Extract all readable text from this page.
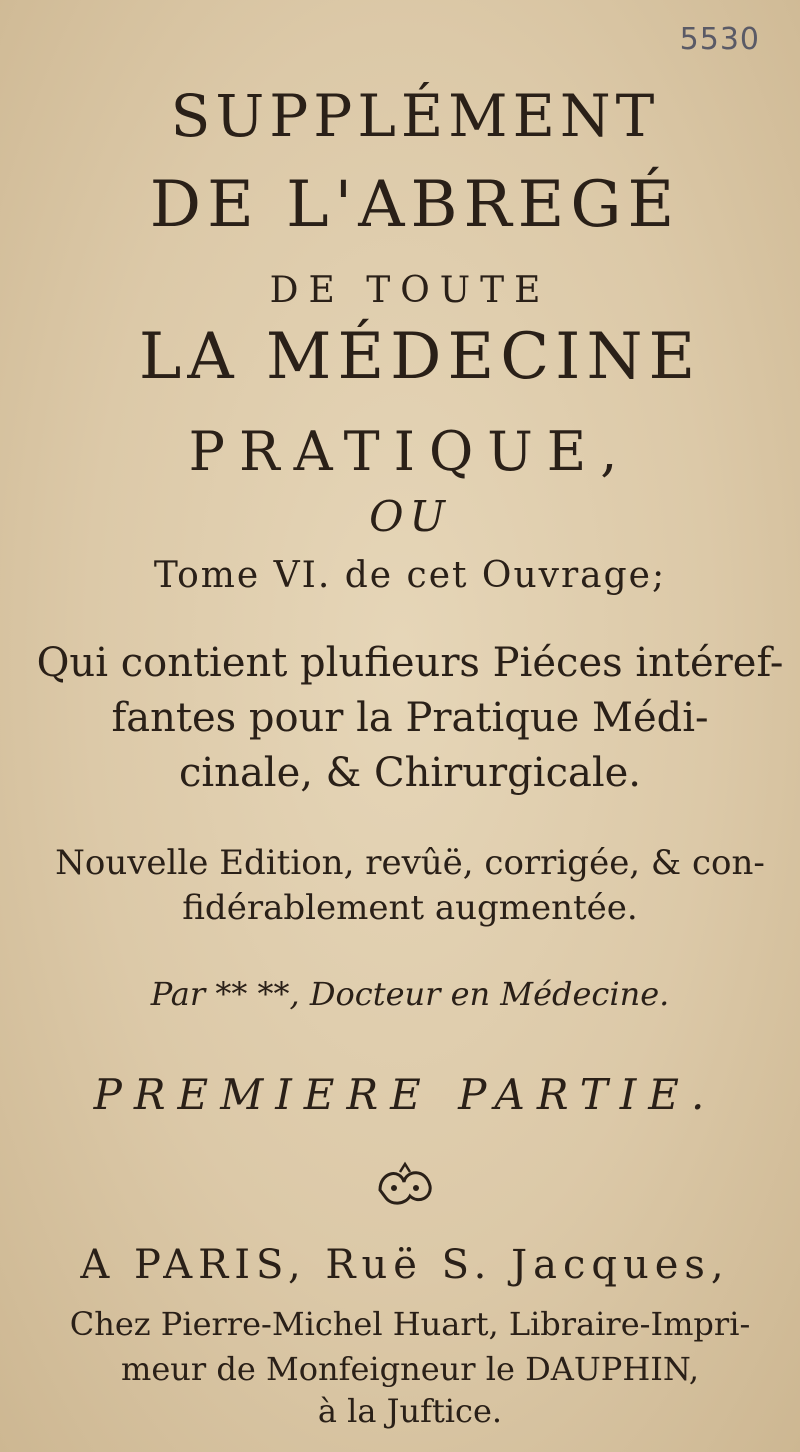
5530
SUPPLÉMENT
DE L'ABREGÉ
DE TOUTE
LA MÉDECINE
PRATIQUE,
OU
Tome VI. de cet Ouvrage;
Qui contient plufieurs Piéces intéref-
fantes pour la Pratique Médi-
cinale, & Chirurgicale.
Nouvelle Edition, revûë, corrigée, & con-
fidérablement augmentée.
Par ** **, Docteur en Médecine.
PREMIERE PARTIE.
A PARIS, Ruë S. Jacques,
Chez Pierre-Michel Huart, Libraire-Impri-
meur de Monfeigneur le DAUPHIN,
à la Juftice.
